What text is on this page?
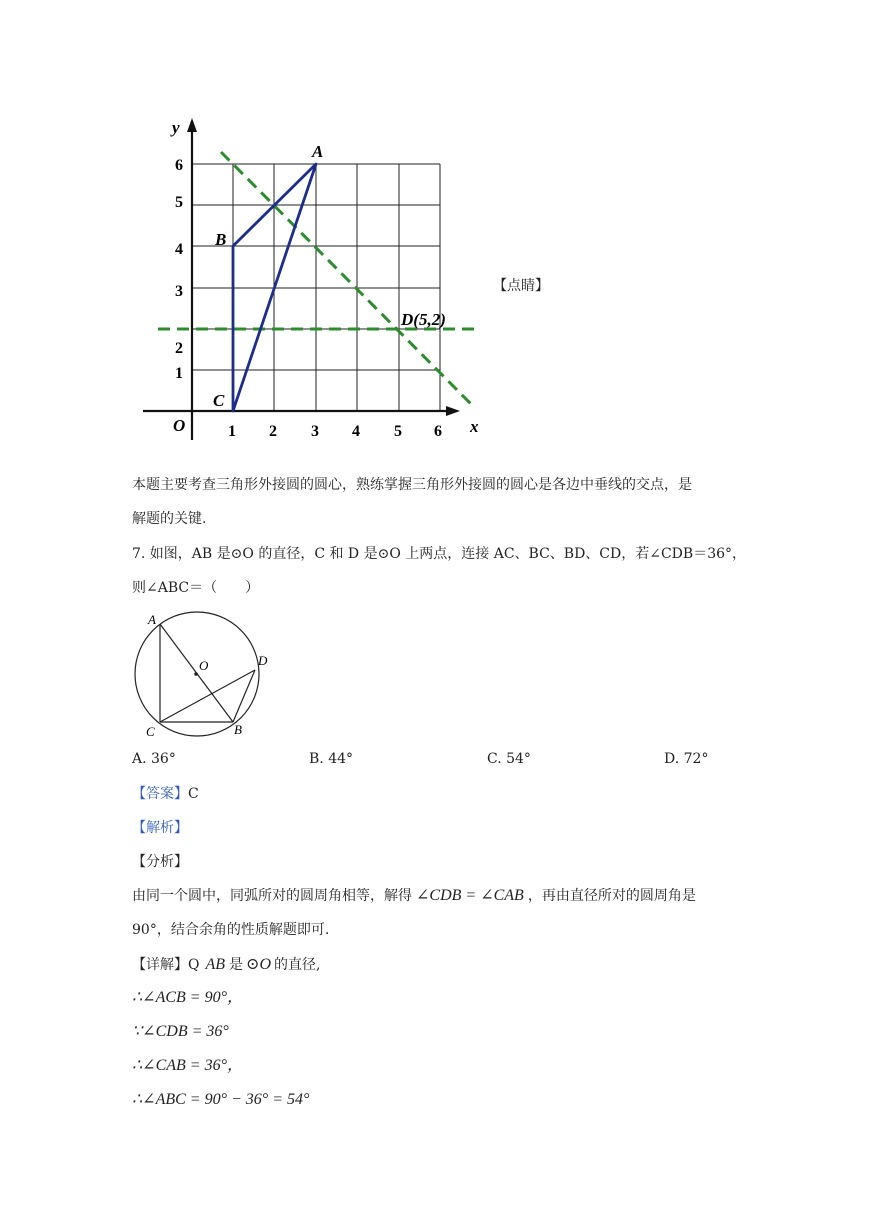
y
x
O	1 2 3 4 5 6
1
2
3
4
5
6
A
B
C
D(5,2)
【点睛】
本题主要考查三角形外接圆的圆心，熟练掌握三角形外接圆的圆心是各边中垂线的交点，是
解题的关键.
7. 如图，AB 是⊙O 的直径，C 和 D 是⊙O 上两点，连接 AC、BC、BD、CD，若∠CDB＝36°，
则∠ABC＝（　　）
A
O	D
C	B
A. 36°	B. 44°	C. 54°	D. 72°
【答案】C
【解析】
【分析】
由同一个圆中，同弧所对的圆周角相等，解得 ∠CDB = ∠CAB ，再由直径所对的圆周角是
90°，结合余角的性质解题即可.
【详解】Q AB 是 ⊙O 的直径,
∴∠ACB = 90°，
∵∠CDB = 36°
∴∠CAB = 36°，
∴∠ABC = 90° − 36° = 54°
